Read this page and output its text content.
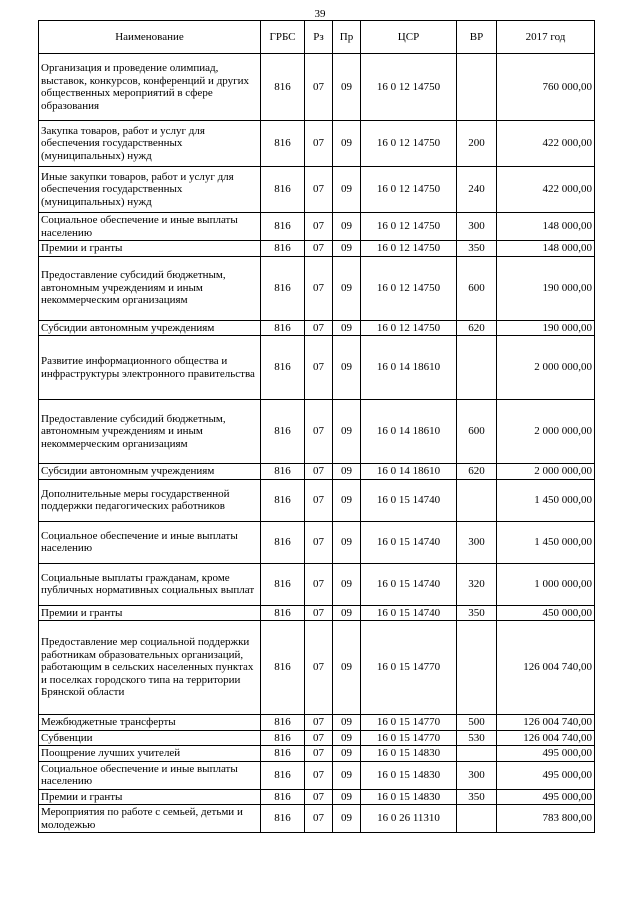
39
Наименование	ГРБС	Рз	Пр	ЦСР	ВР	2017 год
Организация и проведение олимпиад, выставок, конкурсов, конференций и других общественных мероприятий в сфере образования	816	07	09	16 0 12 14750		760 000,00
Закупка товаров, работ и услуг для обеспечения государственных (муниципальных) нужд	816	07	09	16 0 12 14750	200	422 000,00
Иные закупки товаров, работ и услуг для обеспечения государственных (муниципальных) нужд	816	07	09	16 0 12 14750	240	422 000,00
Социальное обеспечение и иные выплаты населению	816	07	09	16 0 12 14750	300	148 000,00
Премии и гранты	816	07	09	16 0 12 14750	350	148 000,00
Предоставление субсидий бюджетным, автономным учреждениям и иным некоммерческим организациям	816	07	09	16 0 12 14750	600	190 000,00
Субсидии автономным учреждениям	816	07	09	16 0 12 14750	620	190 000,00
Развитие информационного общества и инфраструктуры электронного правительства	816	07	09	16 0 14 18610		2 000 000,00
Предоставление субсидий бюджетным, автономным учреждениям и иным некоммерческим организациям	816	07	09	16 0 14 18610	600	2 000 000,00
Субсидии автономным учреждениям	816	07	09	16 0 14 18610	620	2 000 000,00
Дополнительные меры государственной поддержки педагогических работников	816	07	09	16 0 15 14740		1 450 000,00
Социальное обеспечение и иные выплаты населению	816	07	09	16 0 15 14740	300	1 450 000,00
Социальные выплаты гражданам, кроме публичных нормативных социальных выплат	816	07	09	16 0 15 14740	320	1 000 000,00
Премии и гранты	816	07	09	16 0 15 14740	350	450 000,00
Предоставление мер социальной поддержки работникам образовательных организаций, работающим в сельских населенных пунктах и поселках городского типа на территории Брянской области	816	07	09	16 0 15 14770		126 004 740,00
Межбюджетные трансферты	816	07	09	16 0 15 14770	500	126 004 740,00
Субвенции	816	07	09	16 0 15 14770	530	126 004 740,00
Поощрение лучших учителей	816	07	09	16 0 15 14830		495 000,00
Социальное обеспечение и иные выплаты населению	816	07	09	16 0 15 14830	300	495 000,00
Премии и гранты	816	07	09	16 0 15 14830	350	495 000,00
Мероприятия по работе с семьей, детьми и молодежью	816	07	09	16 0 26 11310		783 800,00
